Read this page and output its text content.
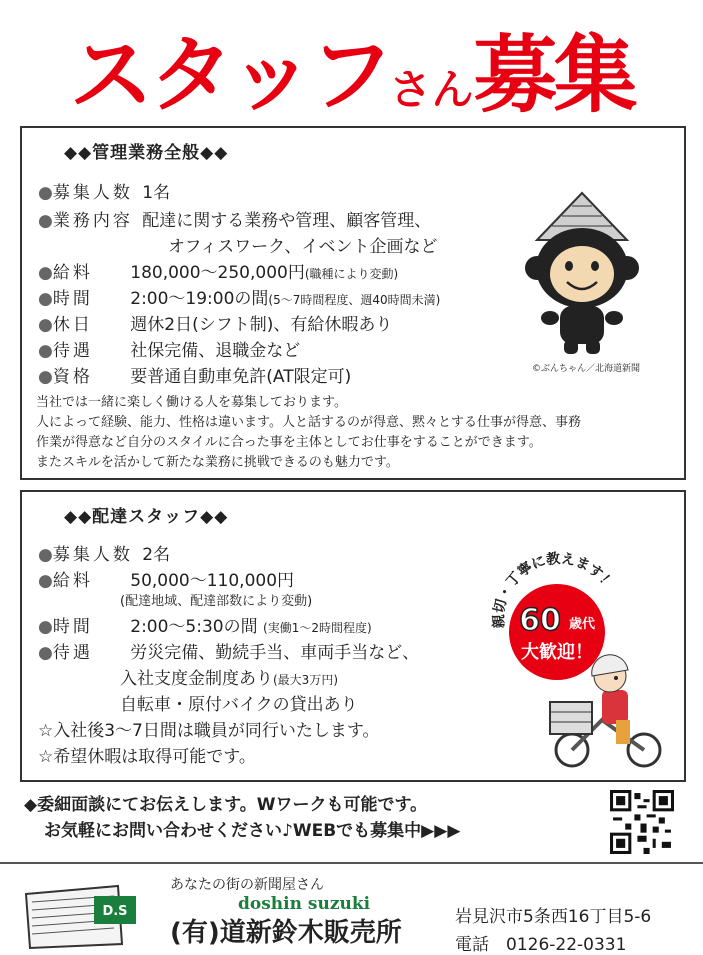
スタッフさん募集
◆◆管理業務全般◆◆
●募集人数 1名
●業務内容 配達に関する業務や管理、顧客管理、
オフィスワーク、イベント企画など
●給料 180,000〜250,000円(職種により変動)
●時間 2:00〜19:00の間(5〜7時間程度、週40時間未満)
●休日 週休2日(シフト制)、有給休暇あり
●待遇 社保完備、退職金など
●資格 要普通自動車免許(AT限定可)	©ぶんちゃん／北海道新聞
当社では一緒に楽しく働ける人を募集しております。
人によって経験、能力、性格は違います。人と話するのが得意、黙々とする仕事が得意、事務
作業が得意など自分のスタイルに合った事を主体としてお仕事をすることができます。
またスキルを活かして新たな業務に挑戦できるのも魅力です。
◆◆配達スタッフ◆◆
●募集人数 2名
●給料 50,000〜110,000円
(配達地域、配達部数により変動)
●時間 2:00〜5:30の間 (実働1〜2時間程度)
●待遇 労災完備、勤続手当、車両手当など、
入社支度金制度あり(最大3万円)
自転車・原付バイクの貸出あり
☆入社後3〜7日間は職員が同行いたします。
☆希望休暇は取得可能です。
親切・丁寧に教えます！
60 歳代
大歓迎！
◆委細面談にてお伝えします。Wワークも可能です。
お気軽にお問い合わせください♪WEBでも募集中▶▶▶
D.S
あなたの街の新聞屋さん
doshin suzuki
(有)道新鈴木販売所
岩見沢市5条西16丁目5-6
電話　0126-22-0331
